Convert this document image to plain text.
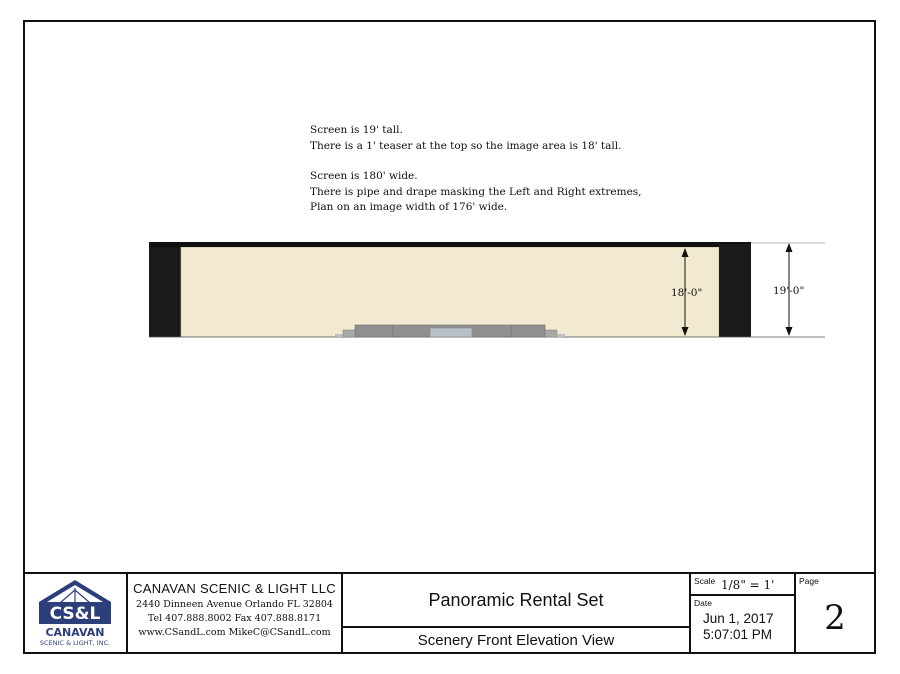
Screen is 19' tall.
There is a 1' teaser at the top so the image area is 18' tall.
Screen is 180' wide.
There is pipe and drape masking the Left and Right extremes,
Plan on an image width of 176' wide.
18'-0"	19'-0"
CS&L
CANAVAN
SCENIC & LIGHT, INC.
CANAVAN SCENIC & LIGHT LLC
2440 Dinneen Avenue Orlando FL 32804
Tel 407.888.8002 Fax 407.888.8171
www.CSandL.com MikeC@CSandL.com
Panoramic Rental Set
Scenery Front Elevation View
Scale 1/8" = 1'
Date
Jun 1, 2017
5:07:01 PM
Page
2
